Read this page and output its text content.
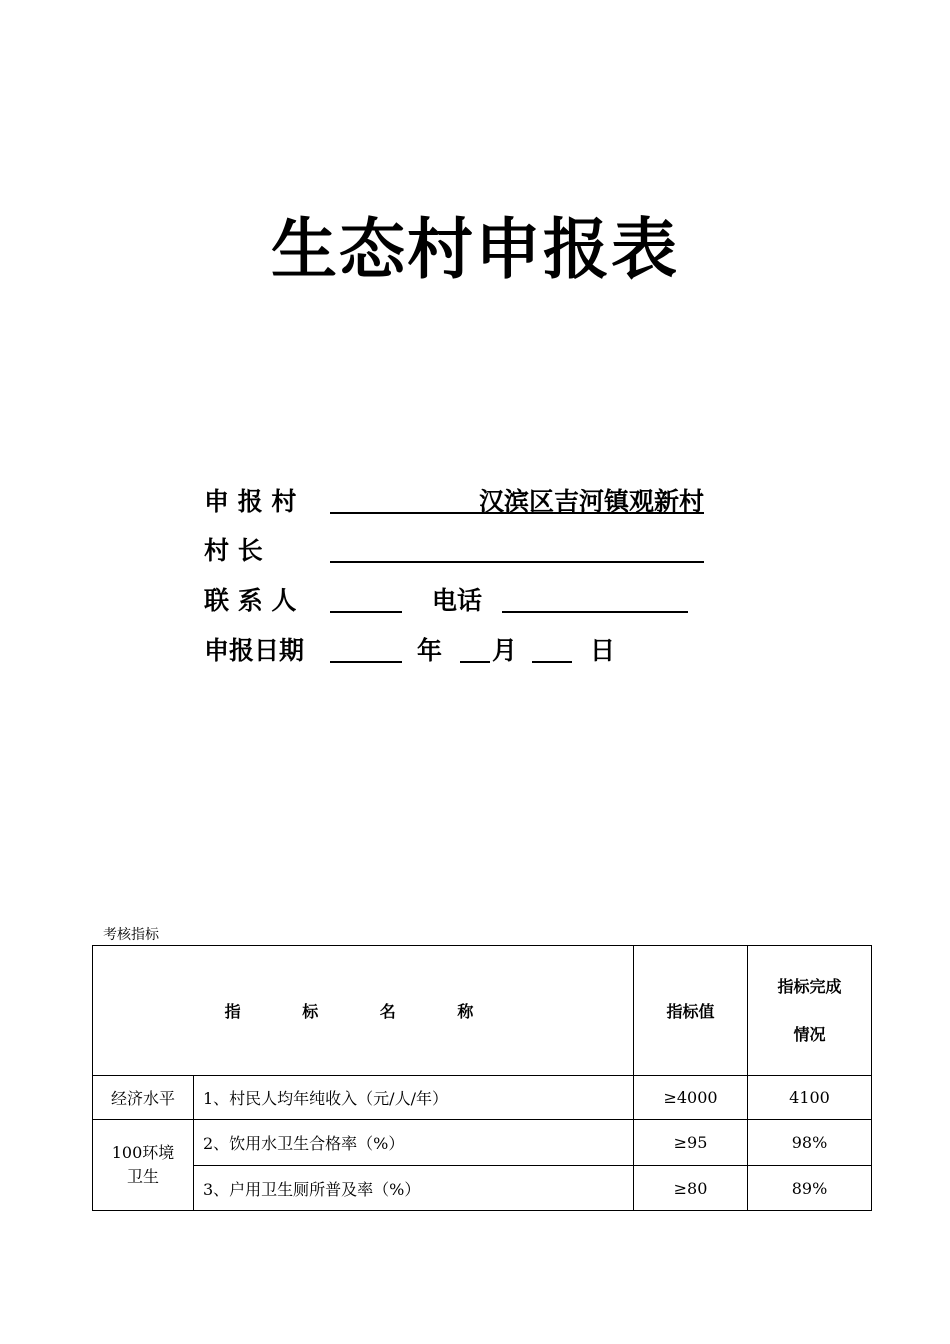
生态村申报表
申 报 村	汉滨区吉河镇观新村
村 长
联 系 人	电话
申报日期	年 月	日
考核指标
指 标 名 称		指标值	指标完成
情况

经济水平	1、村民人均年纯收入（元/人/年）	≥4000	4100
100环境卫生	2、饮用水卫生合格率（%）	≥95	98%
	3、户用卫生厕所普及率（%）	≥80	89%
